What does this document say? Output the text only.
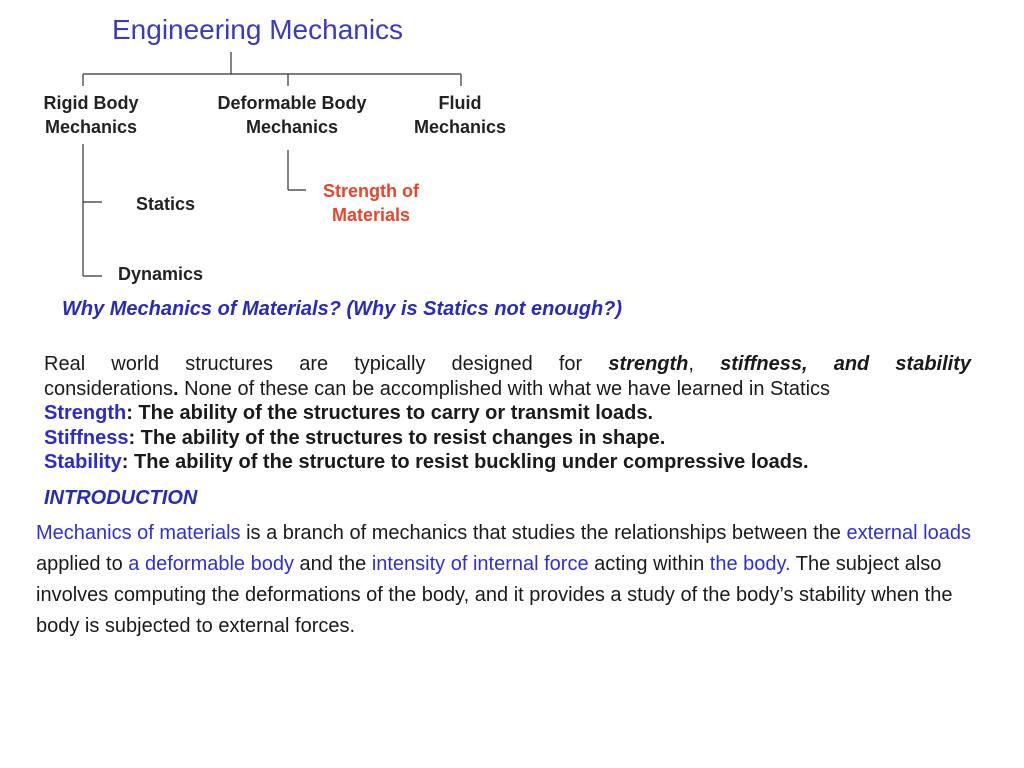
Engineering Mechanics
Rigid Body
Mechanics
Deformable Body
Mechanics
Fluid
Mechanics
Statics
Dynamics
Strength of
Materials
Why Mechanics of Materials? (Why is Statics not enough?)
Real world structures are typically designed for strength, stiffness, and stability
considerations. None of these can be accomplished with what we have learned in Statics
Strength: The ability of the structures to carry or transmit loads.
Stiffness: The ability of the structures to resist changes in shape.
Stability: The ability of the structure to resist buckling under compressive loads.
INTRODUCTION
Mechanics of materials is a branch of mechanics that studies the relationships between the external loads applied to a deformable body and the intensity of internal force acting within the body. The subject also involves computing the deformations of the body, and it provides a study of the body’s stability when the body is subjected to external forces.
